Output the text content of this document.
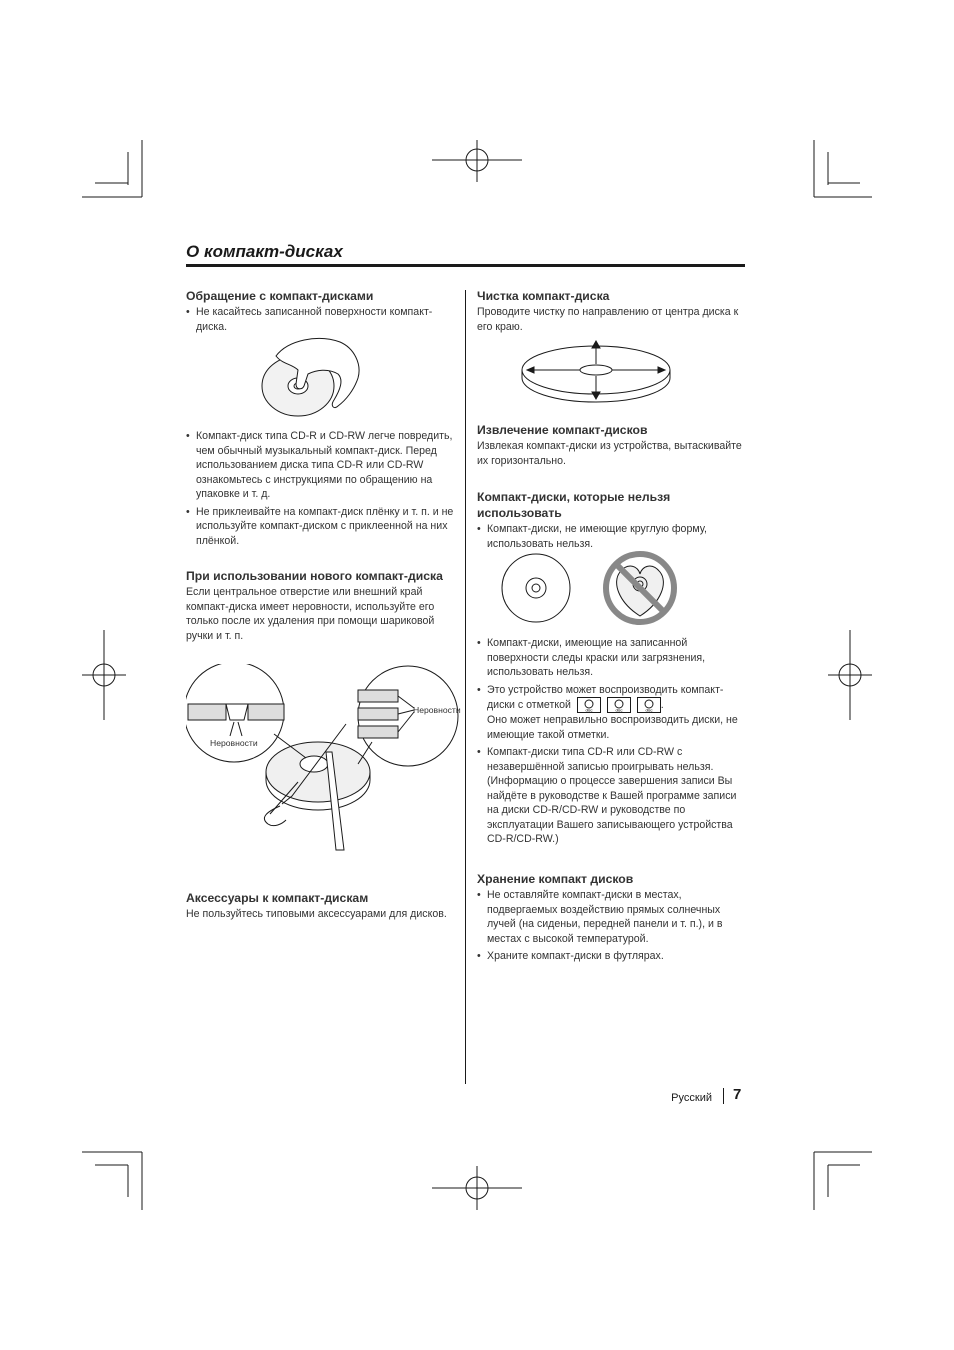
О компакт-дисках
Обращение с компакт-дисками
• Не касайтесь записанной поверхности компакт-диска.
• Компакт-диск типа CD-R и CD-RW легче повредить, чем обычный музыкальный компакт-диск. Перед использованием диска типа CD-R или CD-RW ознакомьтесь с инструкциями по обращению на упаковке и т. д.
• Не приклеивайте на компакт-диск плёнку и т. п. и не используйте компакт-диском с приклеенной на них плёнкой.
При использовании нового компакт-диска

Если центральное отверстие или внешний край компакт-диска имеет неровности, используйте его только после их удаления при помощи шариковой ручки и т. п.

Неровности
Неровности
Аксессуары к компакт-дискам

Не пользуйтесь типовыми аксессуарами для дисков.

Чистка компакт-диска

Проводите чистку по направлению от центра диска к его краю.

Извлечение компакт-дисков

Извлекая компакт-диски из устройства, вытаскивайте их горизонтально.

Компакт-диски, которые нельзя использовать
• Компакт-диски, не имеющие круглую форму, использовать нельзя.
• Компакт-диски, имеющие на записанной поверхности следы краски или загрязнения, использовать нельзя.
• Это устройство может воспроизводить компакт-диски с отметкой	disc
	disc
	disc .
Оно может неправильно воспроизводить диски, не имеющие такой отметки.
• Компакт-диски типа CD-R или CD-RW с незавершённой записью проигрывать нельзя. (Информацию о процессе завершения записи Вы найдёте в руководстве к Вашей программе записи на диски CD-R/CD-RW и руководстве по эксплуатации Вашего записывающего устройства CD-R/CD-RW.)
Хранение компакт дисков
• Не оставляйте компакт-диски в местах, подвергаемых воздействию прямых солнечных лучей (на сиденьи, передней панели и т. п.), и в местах с высокой температурой.
• Храните компакт-диски в футлярах.
Русский 7
